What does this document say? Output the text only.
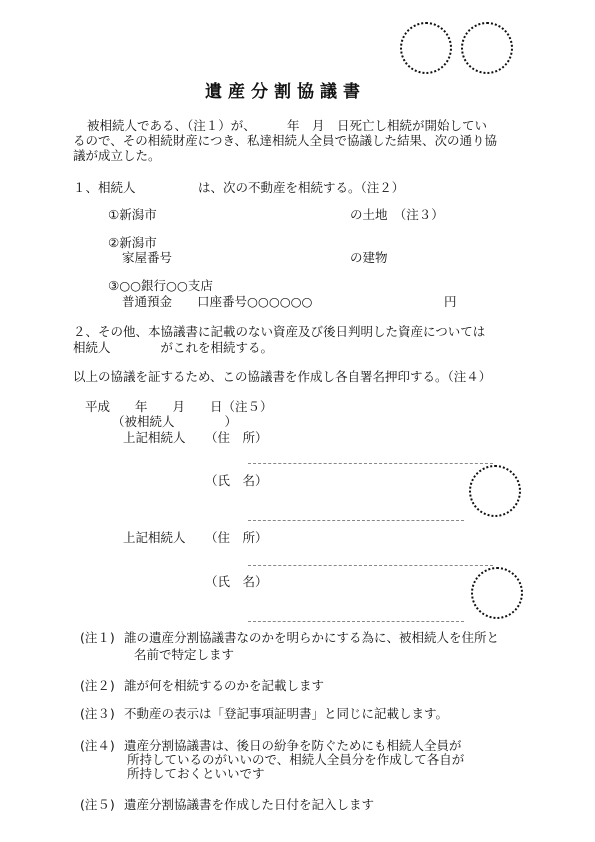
遺産分割協議書
被相続人である、（注１）が、　　　年　月　日死亡し相続が開始してい
るので、その相続財産につき、私達相続人全員で協議した結果、次の通り協
議が成立した。
１、相続人　　　　　は、次の不動産を相続する。（注２）
①新潟市	の土地　（注３）
②新潟市
家屋番号	の建物
③○○銀行○○支店
普通預金　　口座番号○○○○○○	円
２、その他、本協議書に記載のない資産及び後日判明した資産については
相続人　　　　がこれを相続する。
以上の協議を証するため、この協議書を作成し各自署名押印する。（注４）
平成　　年　　月　　日（注５）
（被相続人　　　　）
上記相続人 （住　所）
（氏　名）
上記相続人 （住　所）
（氏　名）
(注１) 誰の遺産分割協議書なのかを明らかにする為に、被相続人を住所と
名前で特定します
(注２) 誰が何を相続するのかを記載します
(注３) 不動産の表示は「登記事項証明書」と同じに記載します。
(注４) 遺産分割協議書は、後日の紛争を防ぐためにも相続人全員が
所持しているのがいいので、相続人全員分を作成して各自が
所持しておくといいです
(注５) 遺産分割協議書を作成した日付を記入します
